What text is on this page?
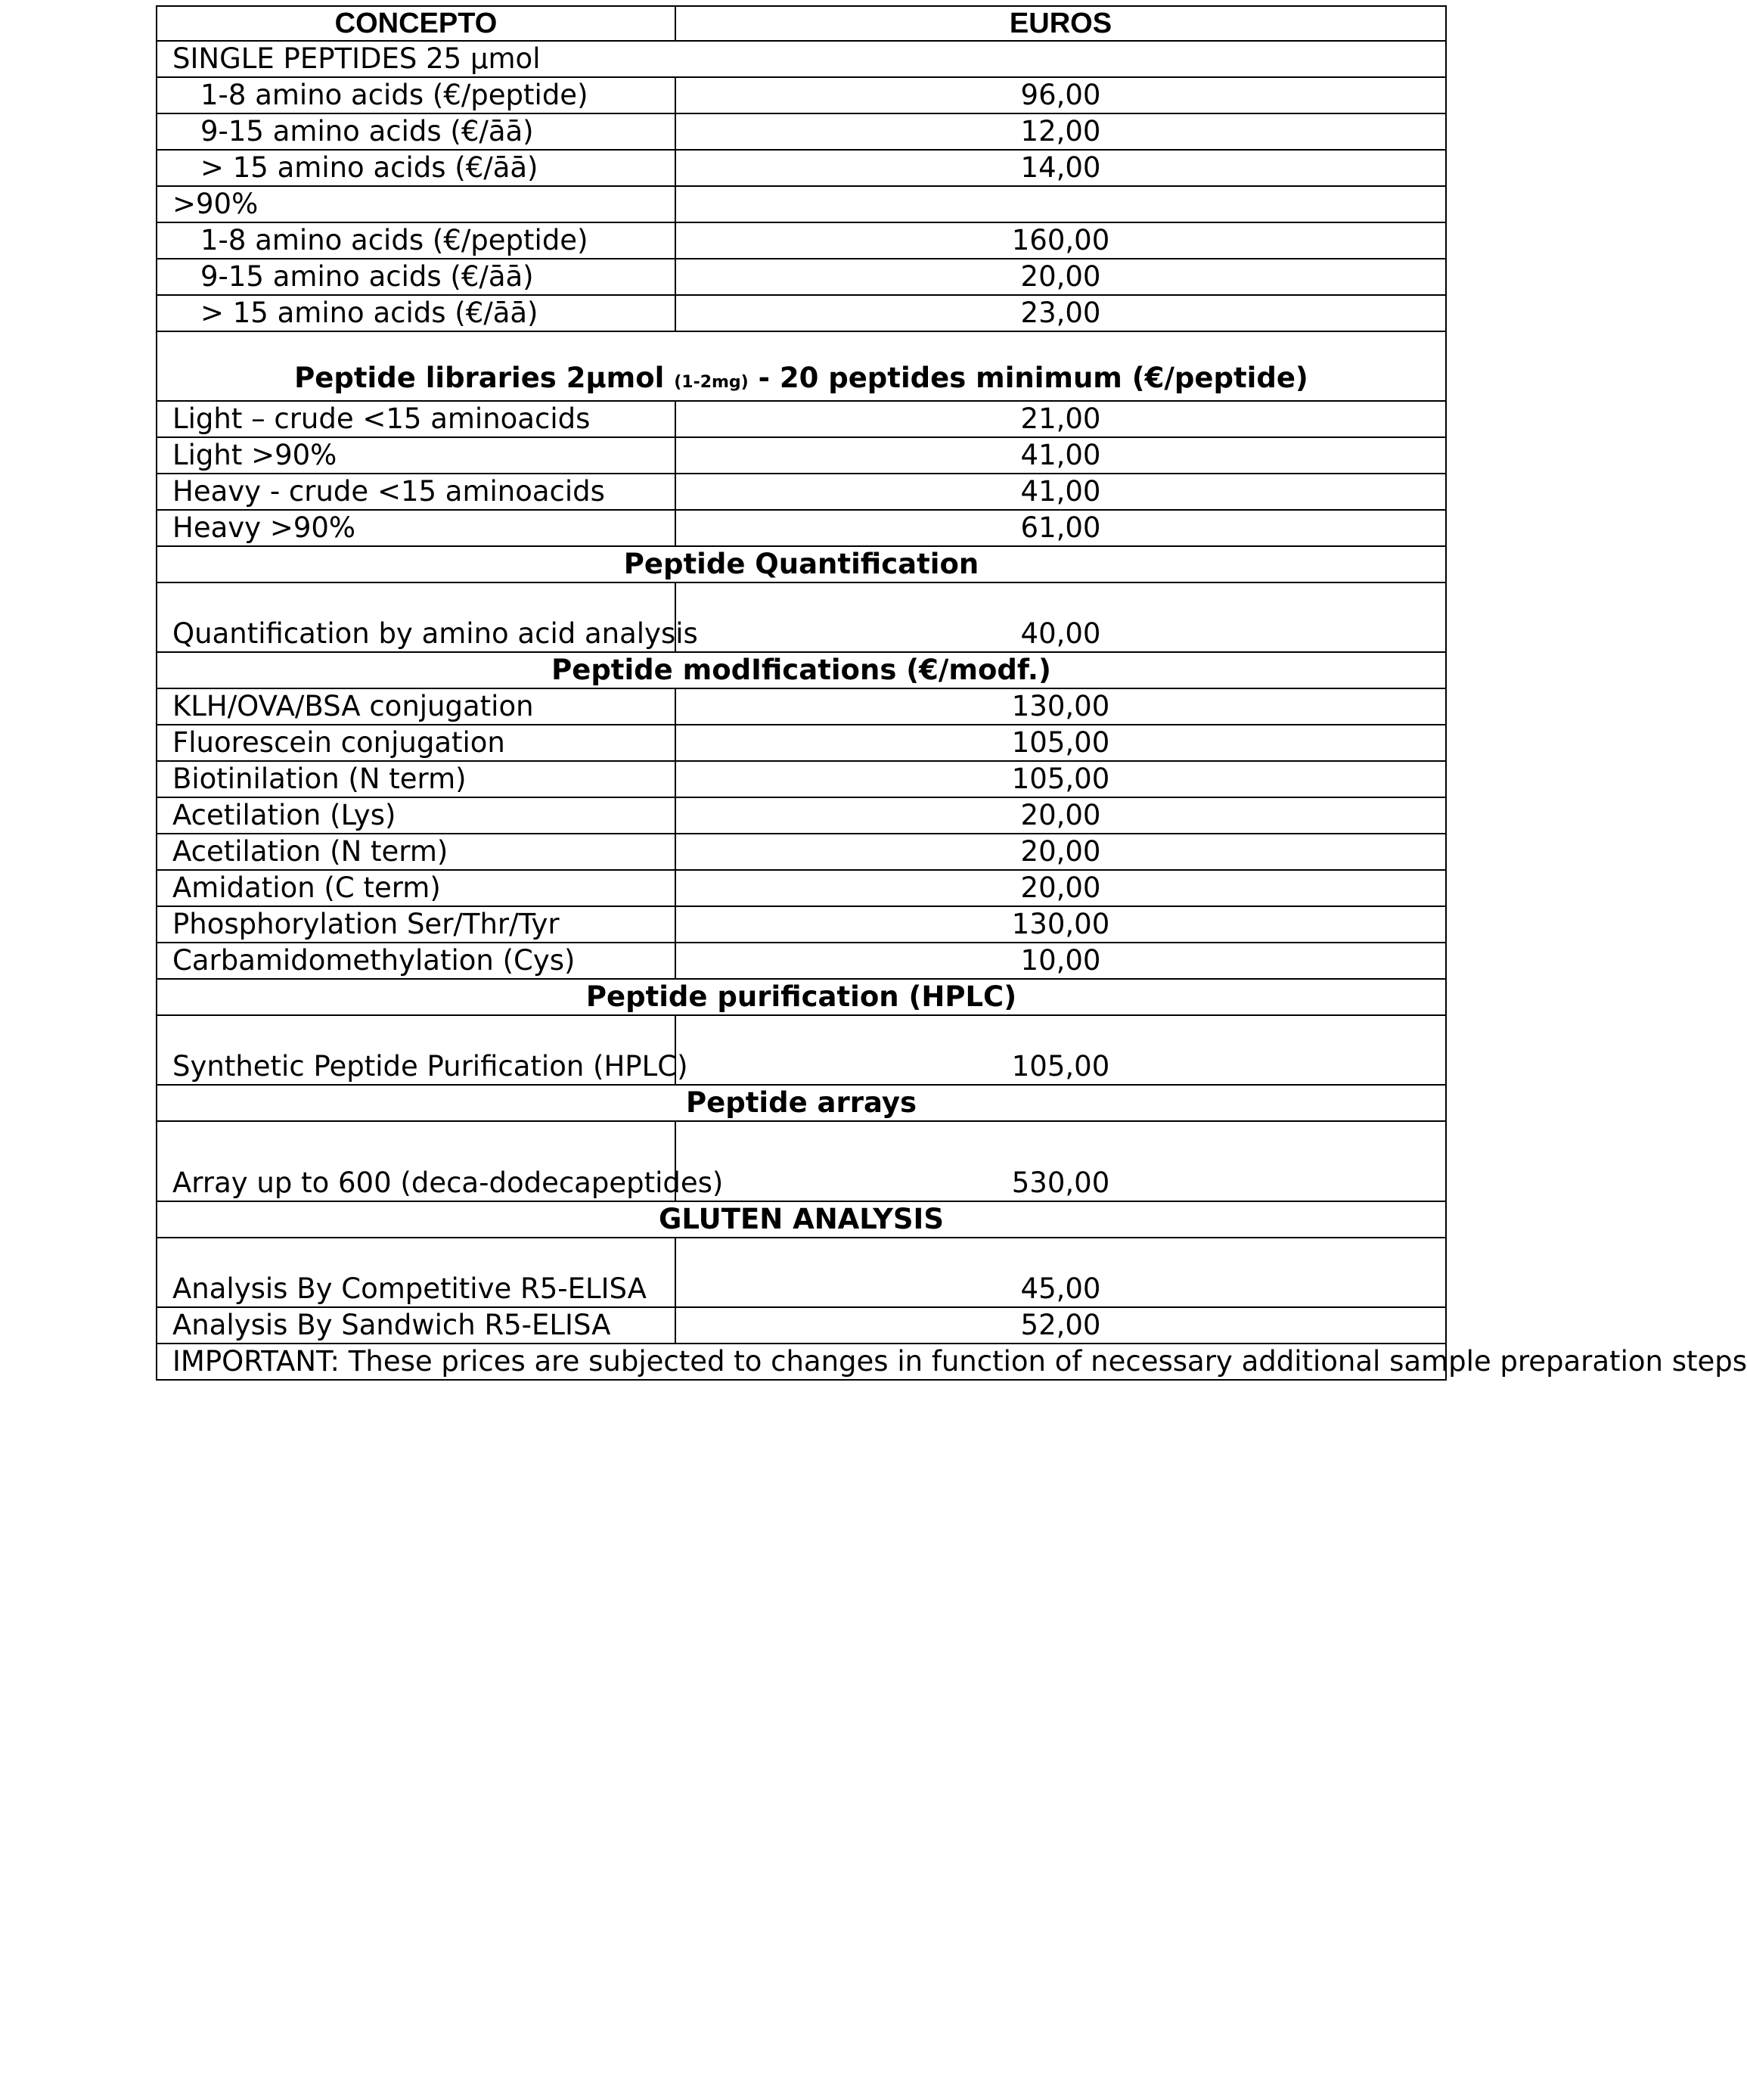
CONCEPTO	EUROS
SINGLE PEPTIDES 25 µmol	
1-8 amino acids (€/peptide)	96,00
9-15 amino acids (€/āā)	12,00
> 15 amino acids (€/āā)	14,00
>90%	
1-8 amino acids (€/peptide)	160,00
9-15 amino acids (€/āā)	20,00
> 15 amino acids (€/āā)	23,00
Peptide libraries 2µmol (1-2mg) - 20 peptides minimum (€/peptide)	
Light – crude <15 aminoacids	21,00
Light >90%	41,00
Heavy - crude <15 aminoacids	41,00
Heavy >90%	61,00
Peptide Quantification	
Quantification by amino acid analysis	40,00
Peptide modIfications (€/modf.)	
KLH/OVA/BSA conjugation	130,00
Fluorescein conjugation	105,00
Biotinilation (N term)	105,00
Acetilation (Lys)	20,00
Acetilation (N term)	20,00
Amidation (C term)	20,00
Phosphorylation Ser/Thr/Tyr	130,00
Carbamidomethylation (Cys)	10,00
Peptide purification (HPLC)	
Synthetic Peptide Purification (HPLC)	105,00
Peptide arrays	
Array up to 600 (deca-dodecapeptides)	530,00
GLUTEN ANALYSIS	
Analysis By Competitive R5-ELISA	45,00
Analysis By Sandwich R5-ELISA	52,00
IMPORTANT: These prices are subjected to changes in function of necessary additional sample preparation steps	
